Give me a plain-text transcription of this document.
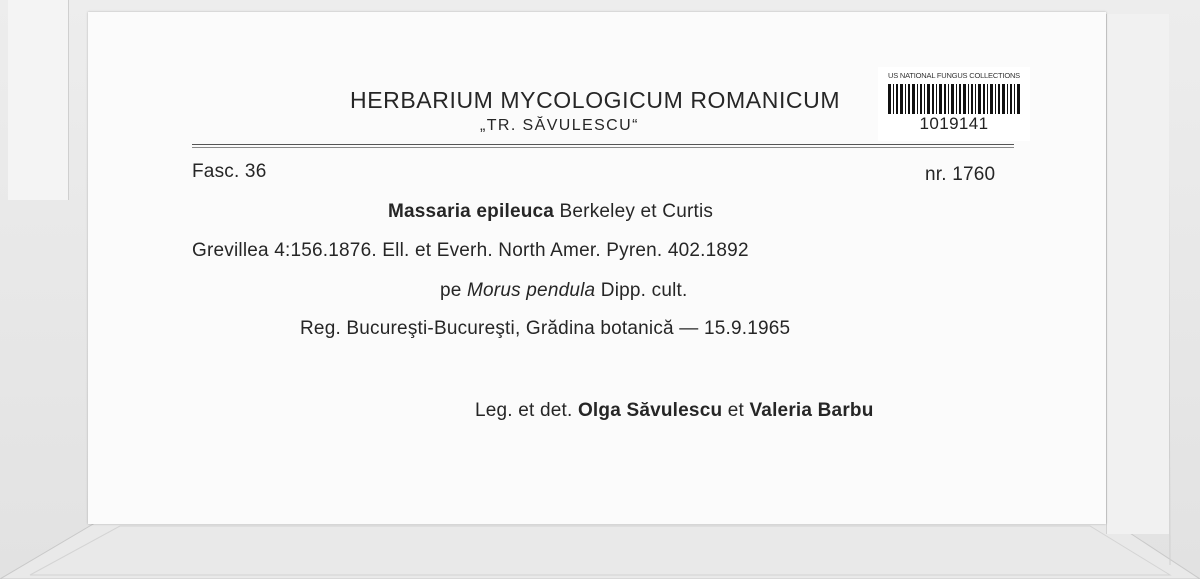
HERBARIUM MYCOLOGICUM ROMANICUM
„TR. SĂVULESCU“
US NATIONAL FUNGUS COLLECTIONS
1019141
Fasc. 36	nr. 1760
Massaria epileuca Berkeley et Curtis
Grevillea 4:156.1876. Ell. et Everh. North Amer. Pyren. 402.1892
pe Morus pendula Dipp. cult.
Reg. Bucureşti-Bucureşti, Grădina botanică — 15.9.1965
Leg. et det. Olga Săvulescu et Valeria Barbu
